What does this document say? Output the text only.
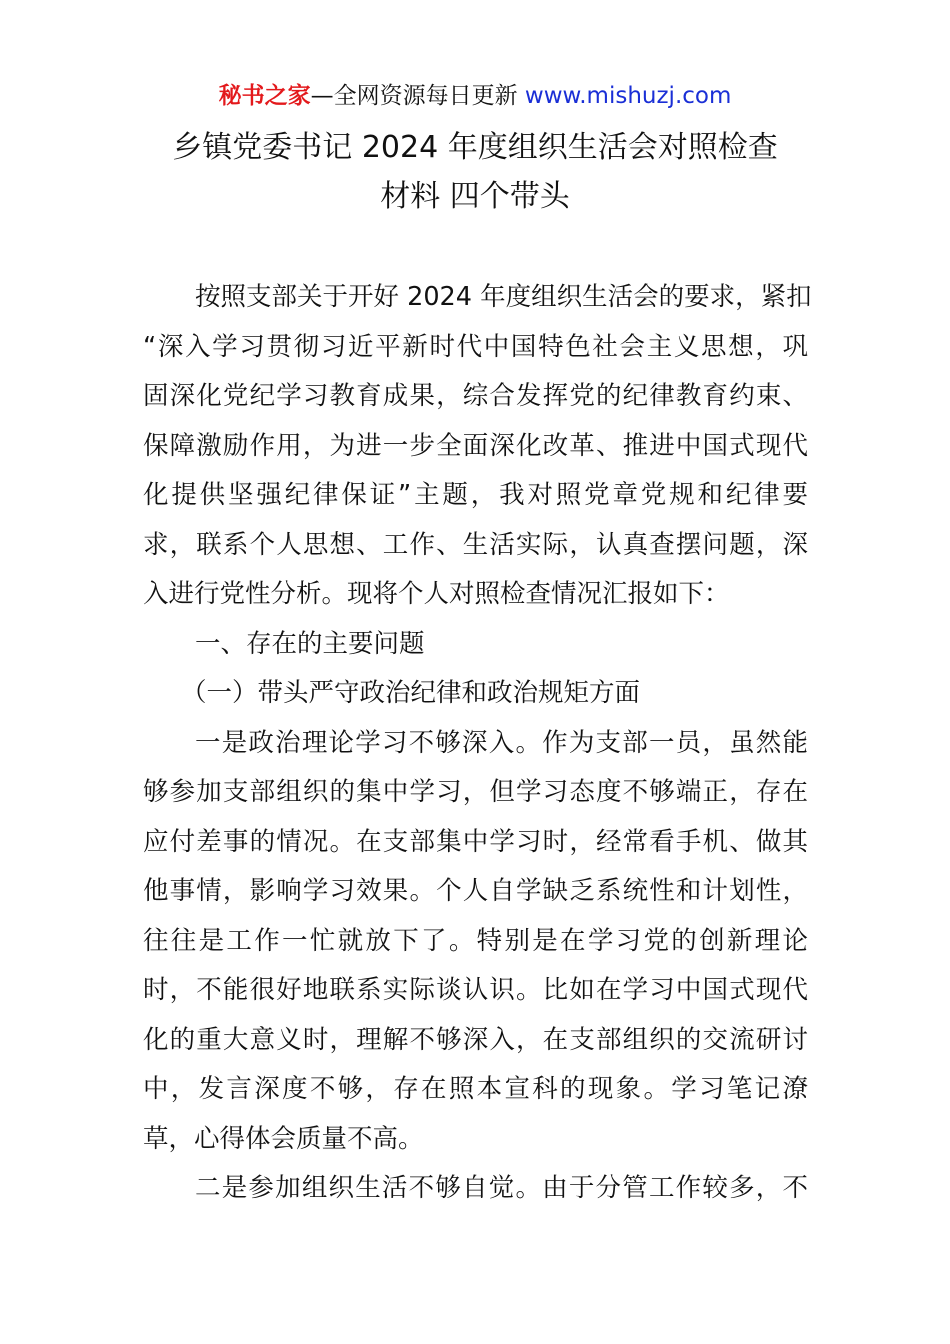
秘书之家—全网资源每日更新 www.mishuzj.com
乡镇党委书记 2024 年度组织生活会对照检查
材料 四个带头
按照支部关于开好 2024 年度组织生活会的要求，紧扣
“深入学习贯彻习近平新时代中国特色社会主义思想，巩
固深化党纪学习教育成果，综合发挥党的纪律教育约束、
保障激励作用，为进一步全面深化改革、推进中国式现代
化提供坚强纪律保证”主题，我对照党章党规和纪律要
求，联系个人思想、工作、生活实际，认真查摆问题，深
入进行党性分析。现将个人对照检查情况汇报如下：
一、存在的主要问题
（一）带头严守政治纪律和政治规矩方面
一是政治理论学习不够深入。作为支部一员，虽然能
够参加支部组织的集中学习，但学习态度不够端正，存在
应付差事的情况。在支部集中学习时，经常看手机、做其
他事情，影响学习效果。个人自学缺乏系统性和计划性，
往往是工作一忙就放下了。特别是在学习党的创新理论
时，不能很好地联系实际谈认识。比如在学习中国式现代
化的重大意义时，理解不够深入，在支部组织的交流研讨
中，发言深度不够，存在照本宣科的现象。学习笔记潦
草，心得体会质量不高。
二是参加组织生活不够自觉。由于分管工作较多，不
